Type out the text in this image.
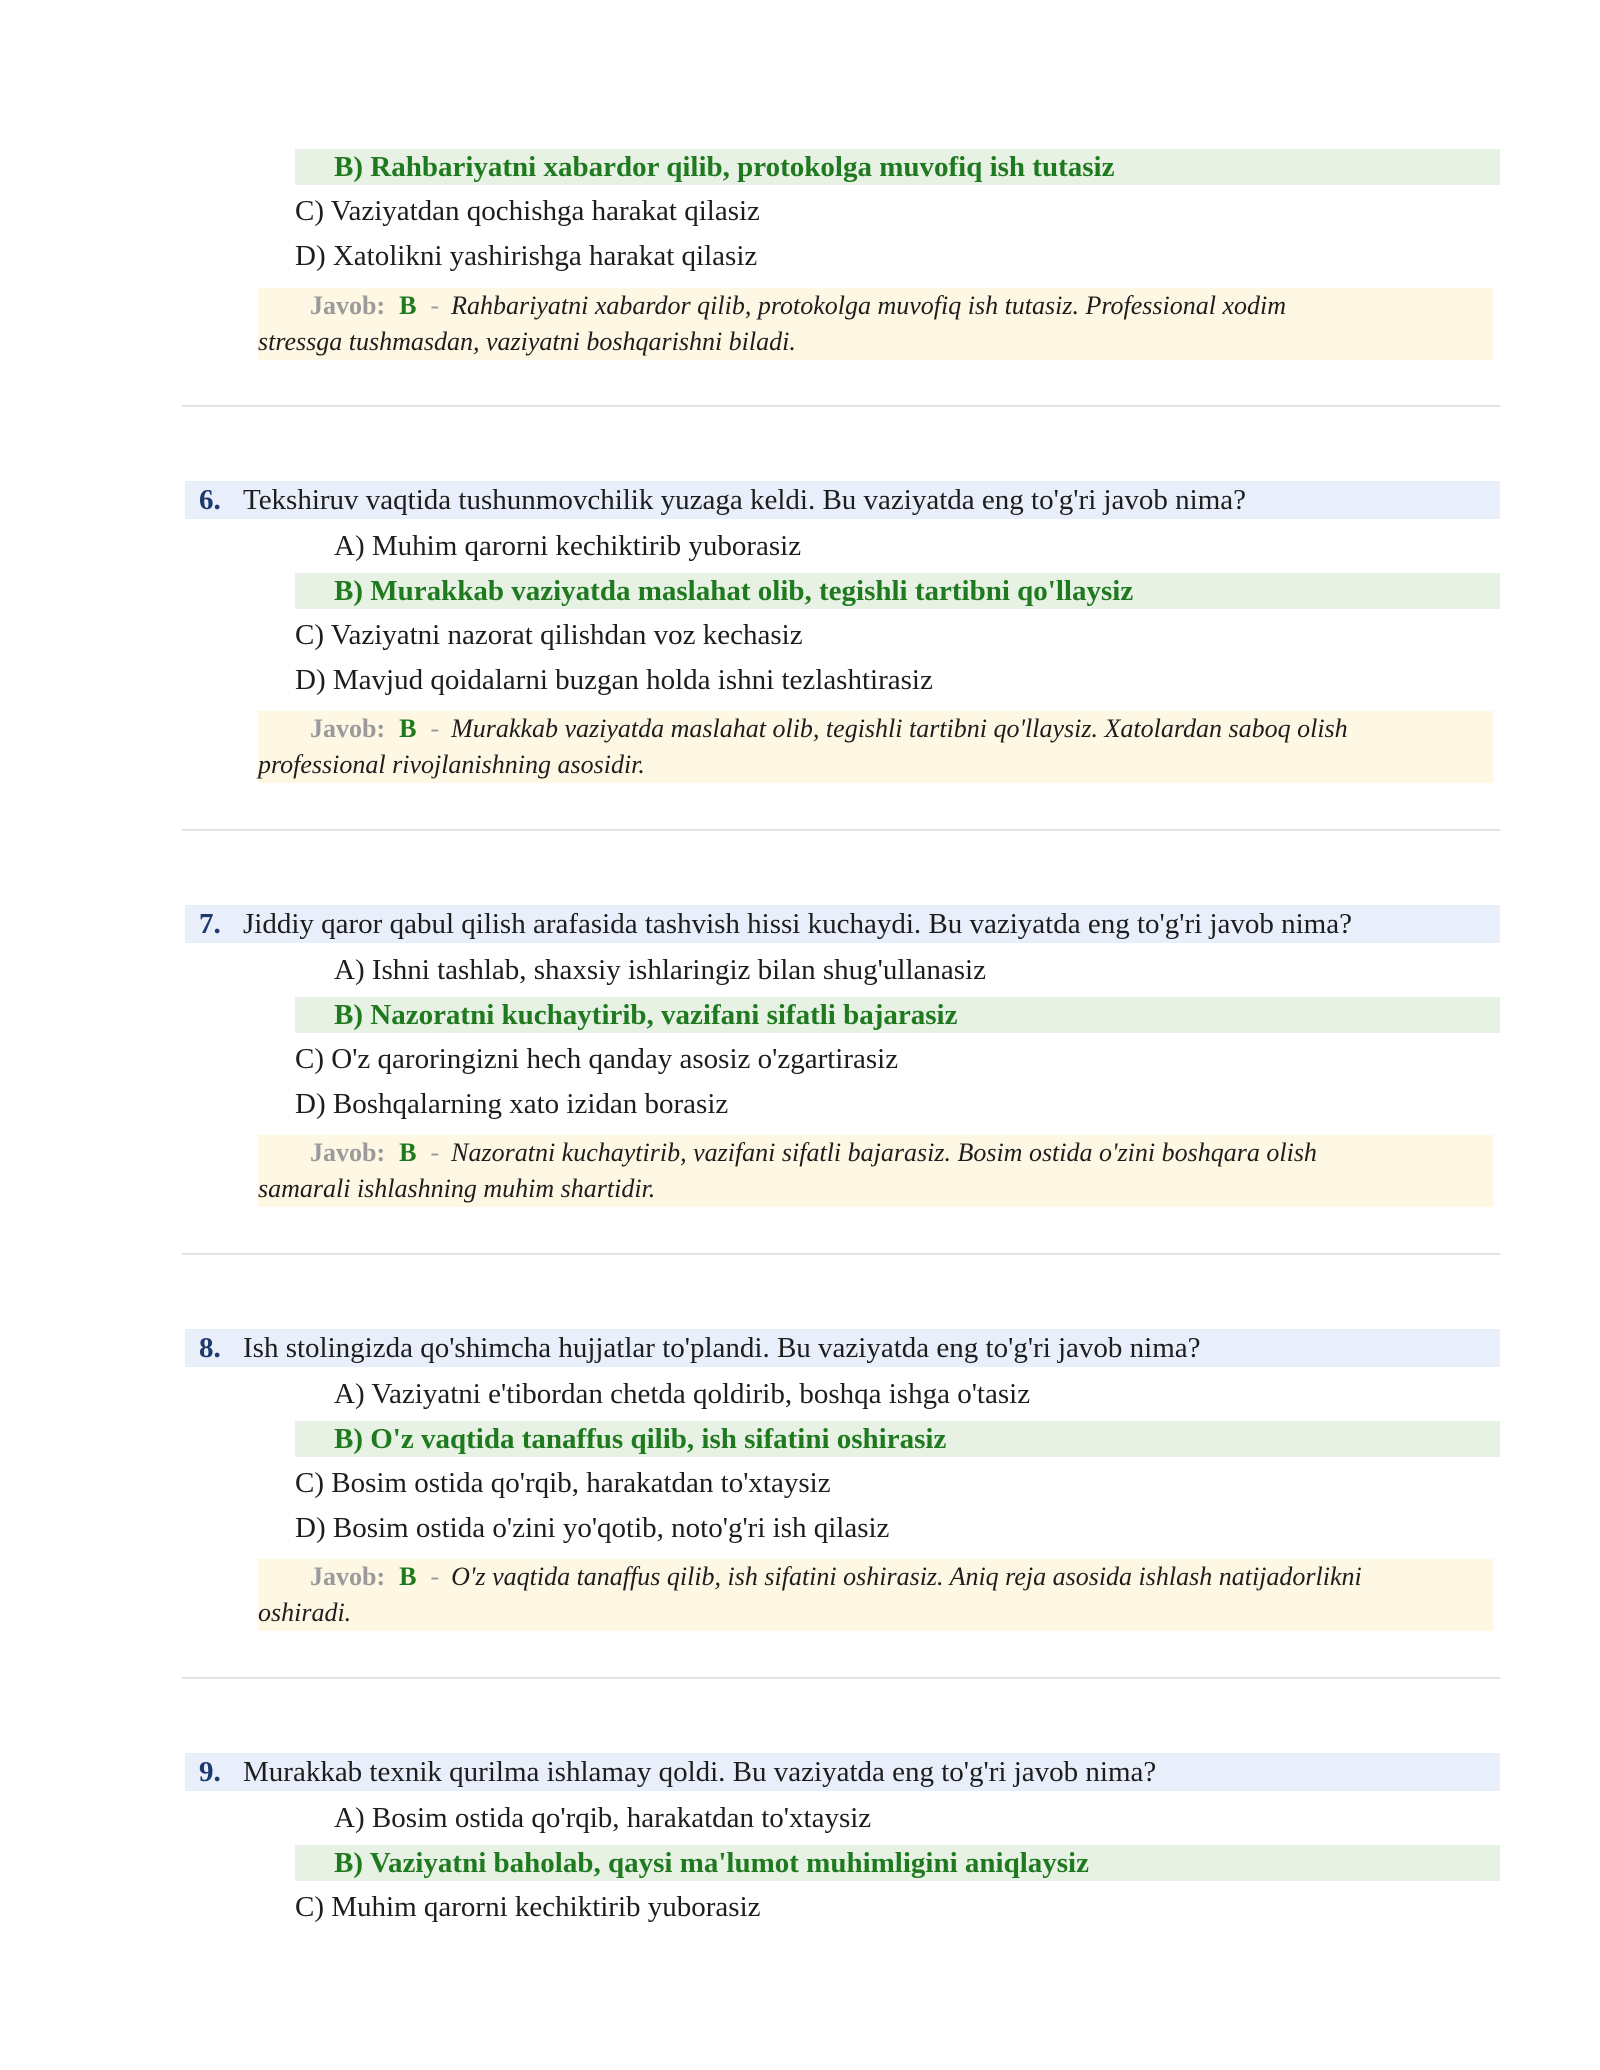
B) Rahbariyatni xabardor qilib, protokolga muvofiq ish tutasiz
C) Vaziyatdan qochishga harakat qilasiz
D) Xatolikni yashirishga harakat qilasiz
Javob: B - Rahbariyatni xabardor qilib, protokolga muvofiq ish tutasiz. Professional xodim
stressga tushmasdan, vaziyatni boshqarishni biladi.
6. Tekshiruv vaqtida tushunmovchilik yuzaga keldi. Bu vaziyatda eng to'g'ri javob nima?
A) Muhim qarorni kechiktirib yuborasiz
B) Murakkab vaziyatda maslahat olib, tegishli tartibni qo'llaysiz
C) Vaziyatni nazorat qilishdan voz kechasiz
D) Mavjud qoidalarni buzgan holda ishni tezlashtirasiz
Javob: B - Murakkab vaziyatda maslahat olib, tegishli tartibni qo'llaysiz. Xatolardan saboq olish
professional rivojlanishning asosidir.
7. Jiddiy qaror qabul qilish arafasida tashvish hissi kuchaydi. Bu vaziyatda eng to'g'ri javob nima?
A) Ishni tashlab, shaxsiy ishlaringiz bilan shug'ullanasiz
B) Nazoratni kuchaytirib, vazifani sifatli bajarasiz
C) O'z qaroringizni hech qanday asosiz o'zgartirasiz
D) Boshqalarning xato izidan borasiz
Javob: B - Nazoratni kuchaytirib, vazifani sifatli bajarasiz. Bosim ostida o'zini boshqara olish
samarali ishlashning muhim shartidir.
8. Ish stolingizda qo'shimcha hujjatlar to'plandi. Bu vaziyatda eng to'g'ri javob nima?
A) Vaziyatni e'tibordan chetda qoldirib, boshqa ishga o'tasiz
B) O'z vaqtida tanaffus qilib, ish sifatini oshirasiz
C) Bosim ostida qo'rqib, harakatdan to'xtaysiz
D) Bosim ostida o'zini yo'qotib, noto'g'ri ish qilasiz
Javob: B - O'z vaqtida tanaffus qilib, ish sifatini oshirasiz. Aniq reja asosida ishlash natijadorlikni
oshiradi.
9. Murakkab texnik qurilma ishlamay qoldi. Bu vaziyatda eng to'g'ri javob nima?
A) Bosim ostida qo'rqib, harakatdan to'xtaysiz
B) Vaziyatni baholab, qaysi ma'lumot muhimligini aniqlaysiz
C) Muhim qarorni kechiktirib yuborasiz
